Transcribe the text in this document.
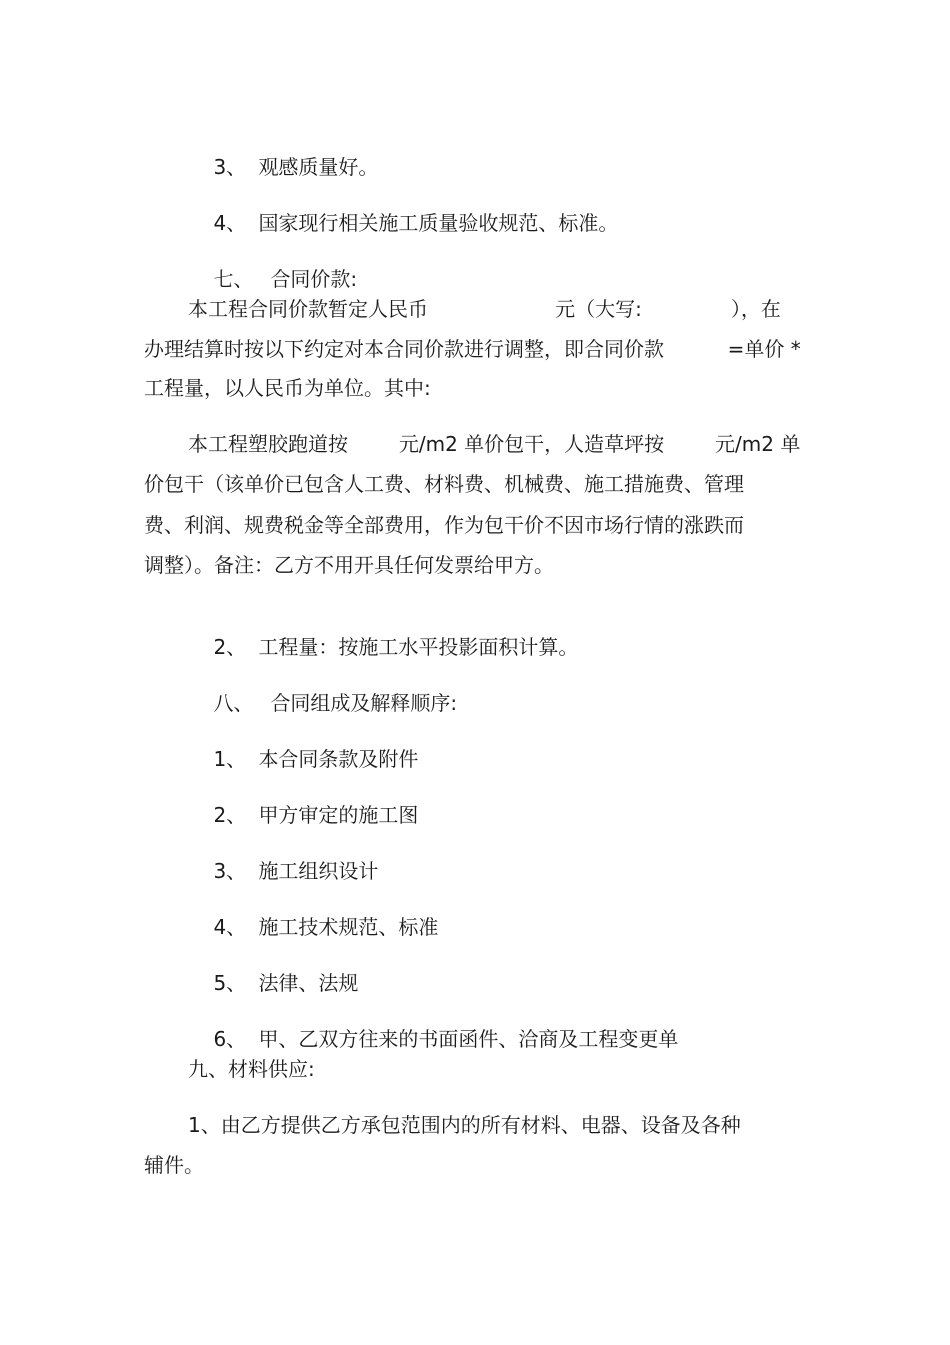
3、 观感质量好。

4、 国家现行相关施工质量验收规范、标准。

七、 合同价款:

本工程合同价款暂定人民币                    元（大写:              ），在
办理结算时按以下约定对本合同价款进行调整，即合同价款          =单价 *
工程量，以人民币为单位。其中:
本工程塑胶跑道按        元/m2 单价包干，人造草坪按        元/m2 单
价包干（该单价已包含人工费、材料费、机械费、施工措施费、管理
费、利润、规费税金等全部费用，作为包干价不因市场行情的涨跌而
调整）。备注：乙方不用开具任何发票给甲方。

2、 工程量：按施工水平投影面积计算。

八、 合同组成及解释顺序:

1、 本合同条款及附件

2、 甲方审定的施工图

3、 施工组织设计

4、 施工技术规范、标准

5、 法律、法规

6、 甲、乙双方往来的书面函件、洽商及工程变更单

九、材料供应:
1、由乙方提供乙方承包范围内的所有材料、电器、设备及各种
辅件。
